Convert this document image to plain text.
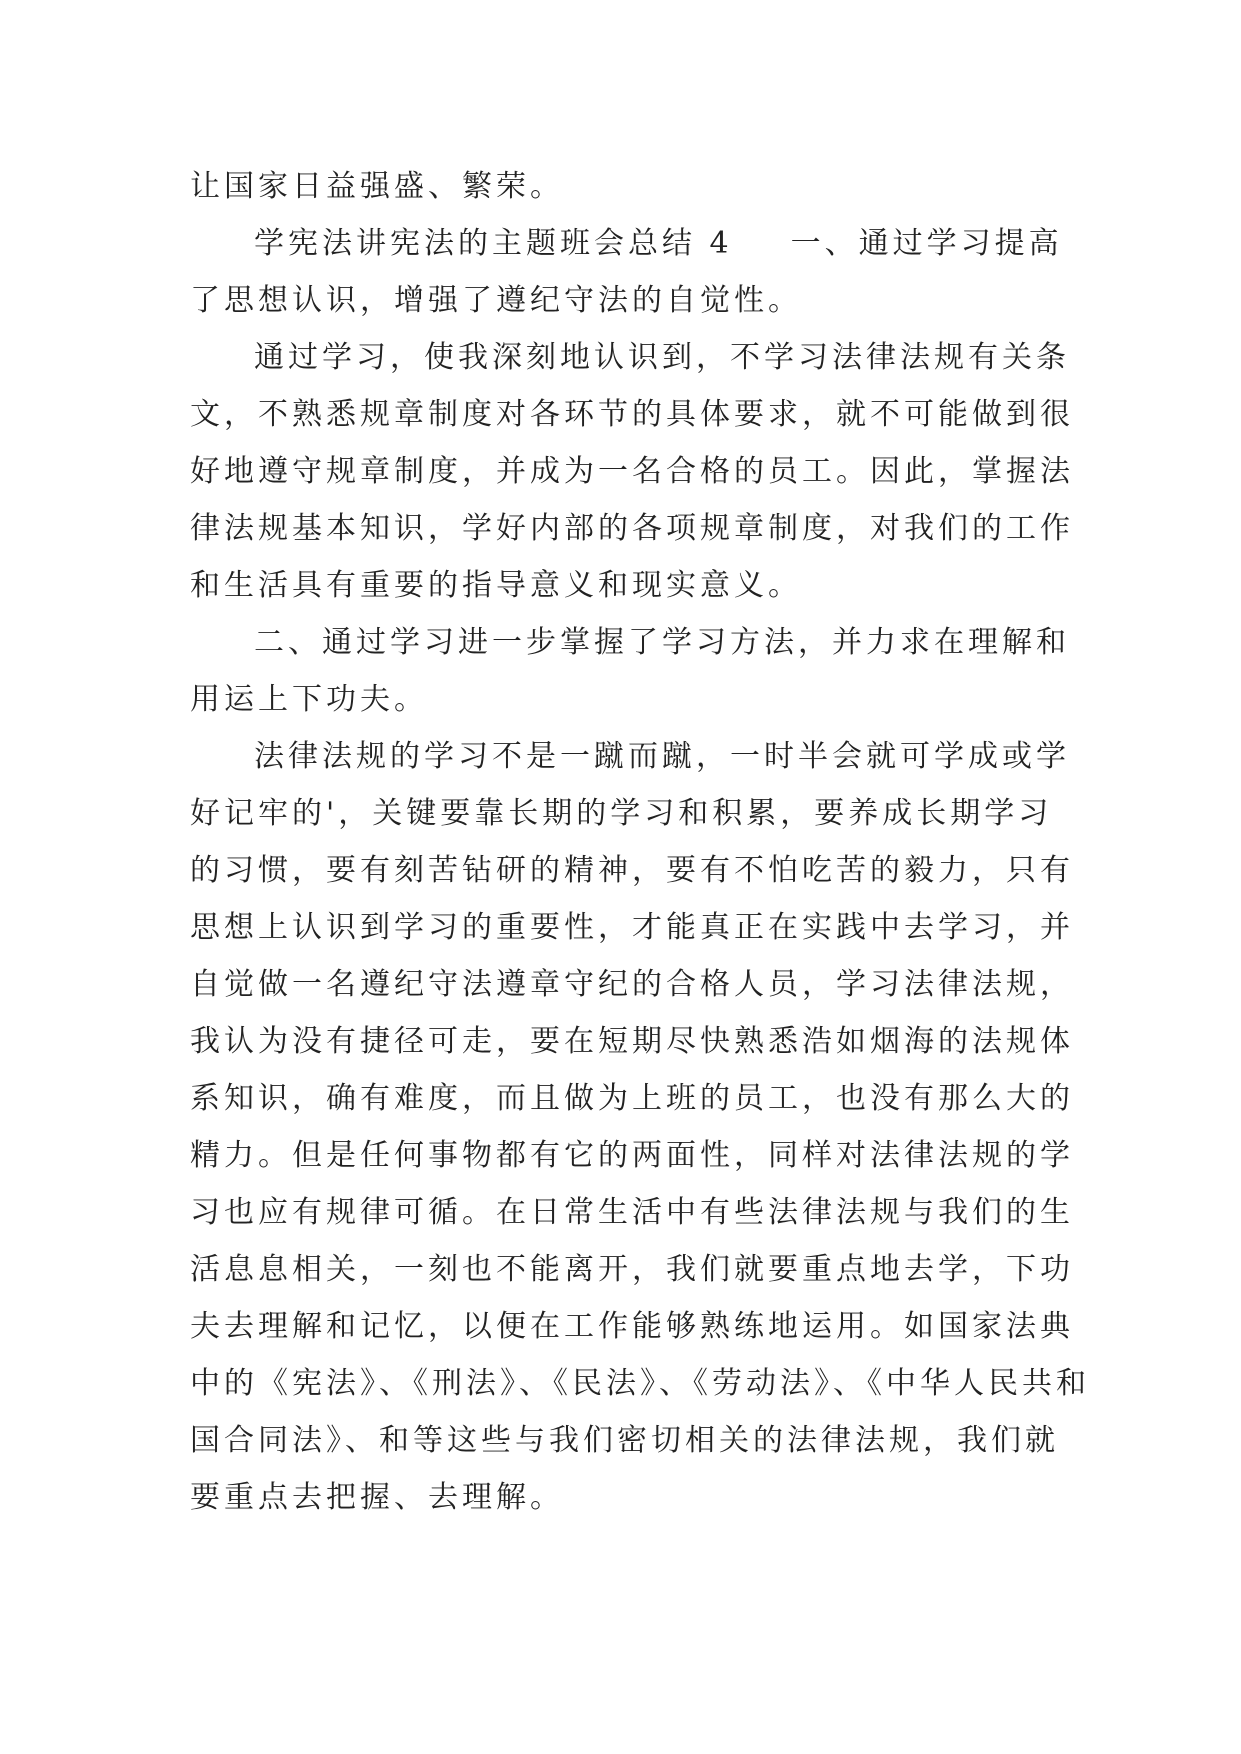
让国家日益强盛、繁荣。
学宪法讲宪法的主题班会总结 4 一、通过学习提高
了思想认识，增强了遵纪守法的自觉性。
通过学习，使我深刻地认识到，不学习法律法规有关条
文，不熟悉规章制度对各环节的具体要求，就不可能做到很
好地遵守规章制度，并成为一名合格的员工。因此，掌握法
律法规基本知识，学好内部的各项规章制度，对我们的工作
和生活具有重要的指导意义和现实意义。
二、通过学习进一步掌握了学习方法，并力求在理解和
用运上下功夫。
法律法规的学习不是一蹴而蹴，一时半会就可学成或学
好记牢的'，关键要靠长期的学习和积累，要养成长期学习
的习惯，要有刻苦钻研的精神，要有不怕吃苦的毅力，只有
思想上认识到学习的重要性，才能真正在实践中去学习，并
自觉做一名遵纪守法遵章守纪的合格人员，学习法律法规，
我认为没有捷径可走，要在短期尽快熟悉浩如烟海的法规体
系知识，确有难度，而且做为上班的员工，也没有那么大的
精力。但是任何事物都有它的两面性，同样对法律法规的学
习也应有规律可循。在日常生活中有些法律法规与我们的生
活息息相关，一刻也不能离开，我们就要重点地去学，下功
夫去理解和记忆，以便在工作能够熟练地运用。如国家法典
中的《宪法》、《刑法》、《民法》、《劳动法》、《中华人民共和
国合同法》、和等这些与我们密切相关的法律法规，我们就
要重点去把握、去理解。
